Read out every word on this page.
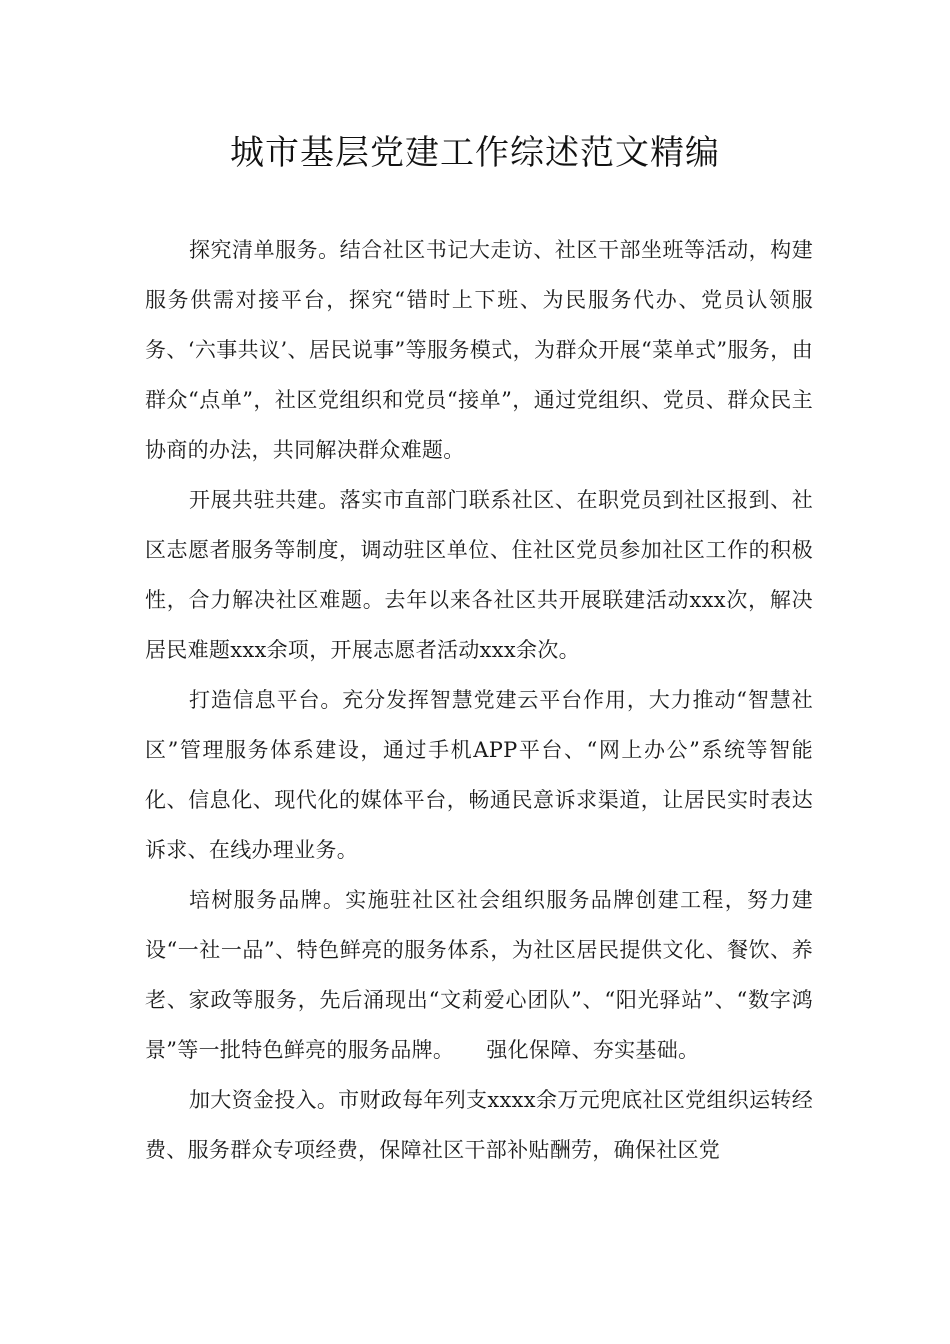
城市基层党建工作综述范文精编

探究清单服务。结合社区书记大走访、社区干部坐班等活动，构建服务供需对接平台，探究“错时上下班、为民服务代办、党员认领服务、‘六事共议’、居民说事”等服务模式，为群众开展“菜单式”服务，由群众“点单”，社区党组织和党员“接单”，通过党组织、党员、群众民主协商的办法，共同解决群众难题。

开展共驻共建。落实市直部门联系社区、在职党员到社区报到、社区志愿者服务等制度，调动驻区单位、住社区党员参加社区工作的积极性，合力解决社区难题。去年以来各社区共开展联建活动xxx次，解决居民难题xxx余项，开展志愿者活动xxx余次。

打造信息平台。充分发挥智慧党建云平台作用，大力推动“智慧社区”管理服务体系建设，通过手机APP平台、“网上办公”系统等智能化、信息化、现代化的媒体平台，畅通民意诉求渠道，让居民实时表达诉求、在线办理业务。

培树服务品牌。实施驻社区社会组织服务品牌创建工程，努力建设“一社一品”、特色鲜亮的服务体系，为社区居民提供文化、餐饮、养老、家政等服务，先后涌现出“文莉爱心团队”、“阳光驿站”、“数字鸿景”等一批特色鲜亮的服务品牌。　　强化保障、夯实基础。

加大资金投入。市财政每年列支xxxx余万元兜底社区党组织运转经费、服务群众专项经费，保障社区干部补贴酬劳，确保社区党
